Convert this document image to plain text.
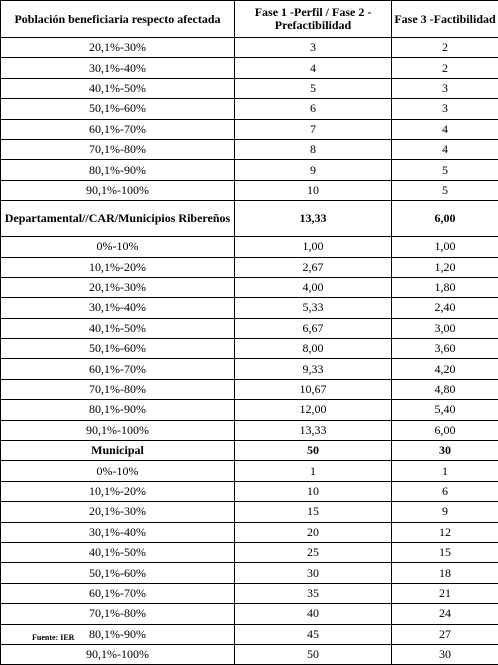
Población beneficiaria respecto afectada	Fase 1 -Perfil / Fase 2 -Prefactibilidad	Fase 3 -Factibilidad
20,1%-30%	3	2
30,1%-40%	4	2
40,1%-50%	5	3
50,1%-60%	6	3
60,1%-70%	7	4
70,1%-80%	8	4
80,1%-90%	9	5
90,1%-100%	10	5
Departamental//CAR/Municipios Ribereños	13,33	6,00
0%-10%	1,00	1,00
10,1%-20%	2,67	1,20
20,1%-30%	4,00	1,80
30,1%-40%	5,33	2,40
40,1%-50%	6,67	3,00
50,1%-60%	8,00	3,60
60,1%-70%	9,33	4,20
70,1%-80%	10,67	4,80
80,1%-90%	12,00	5,40
90,1%-100%	13,33	6,00
Municipal	50	30
0%-10%	1	1
10,1%-20%	10	6
20,1%-30%	15	9
30,1%-40%	20	12
40,1%-50%	25	15
50,1%-60%	30	18
60,1%-70%	35	21
70,1%-80%	40	24
80,1%-90%	45	27
90,1%-100%	50	30
Fuente: IER
